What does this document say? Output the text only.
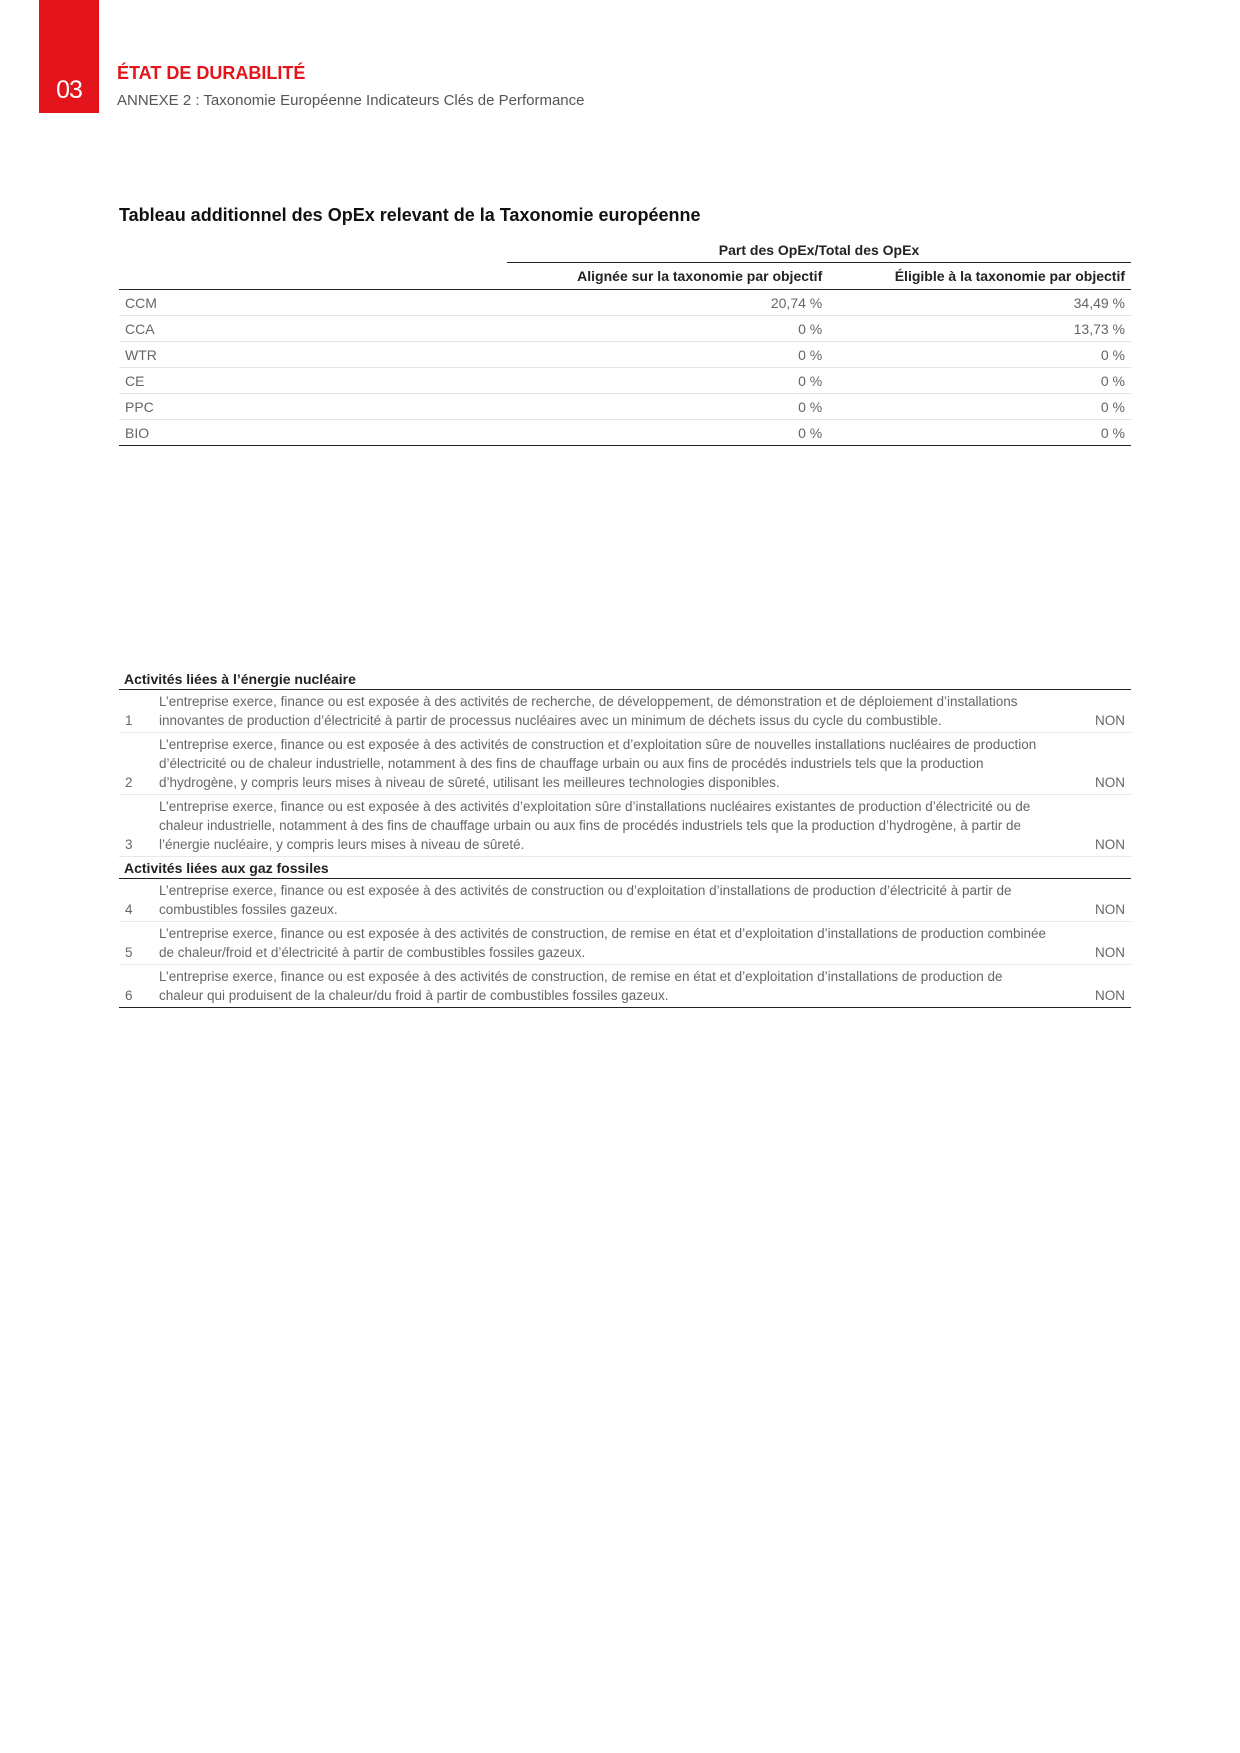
03
ÉTAT DE DURABILITÉ
ANNEXE 2 : Taxonomie Européenne Indicateurs Clés de Performance
Tableau additionnel des OpEx relevant de la Taxonomie européenne
	Part des OpEx/Total des OpEx	
	Alignée sur la taxonomie par objectif	Éligible à la taxonomie par objectif
CCM	20,74 %	34,49 %
CCA	0 %	13,73 %
WTR	0 %	0 %
CE	0 %	0 %
PPC	0 %	0 %
BIO	0 %	0 %
Activités liées à l’énergie nucléaire		
1	L’entreprise exerce, finance ou est exposée à des activités de recherche, de développement, de démonstration et de déploiement d’installations innovantes de production d’électricité à partir de processus nucléaires avec un minimum de déchets issus du cycle du combustible.	NON
2	L’entreprise exerce, finance ou est exposée à des activités de construction et d’exploitation sûre de nouvelles installations nucléaires de production d’électricité ou de chaleur industrielle, notamment à des fins de chauffage urbain ou aux fins de procédés industriels tels que la production d’hydrogène, y compris leurs mises à niveau de sûreté, utilisant les meilleures technologies disponibles.	NON
3	L’entreprise exerce, finance ou est exposée à des activités d’exploitation sûre d’installations nucléaires existantes de production d’électricité ou de chaleur industrielle, notamment à des fins de chauffage urbain ou aux fins de procédés industriels tels que la production d’hydrogène, à partir de l’énergie nucléaire, y compris leurs mises à niveau de sûreté.	NON
Activités liées aux gaz fossiles		
4	L’entreprise exerce, finance ou est exposée à des activités de construction ou d’exploitation d’installations de production d’électricité à partir de combustibles fossiles gazeux.	NON
5	L’entreprise exerce, finance ou est exposée à des activités de construction, de remise en état et d’exploitation d’installations de production combinée de chaleur/froid et d’électricité à partir de combustibles fossiles gazeux.	NON
6	L’entreprise exerce, finance ou est exposée à des activités de construction, de remise en état et d’exploitation d’installations de production de chaleur qui produisent de la chaleur/du froid à partir de combustibles fossiles gazeux.	NON
